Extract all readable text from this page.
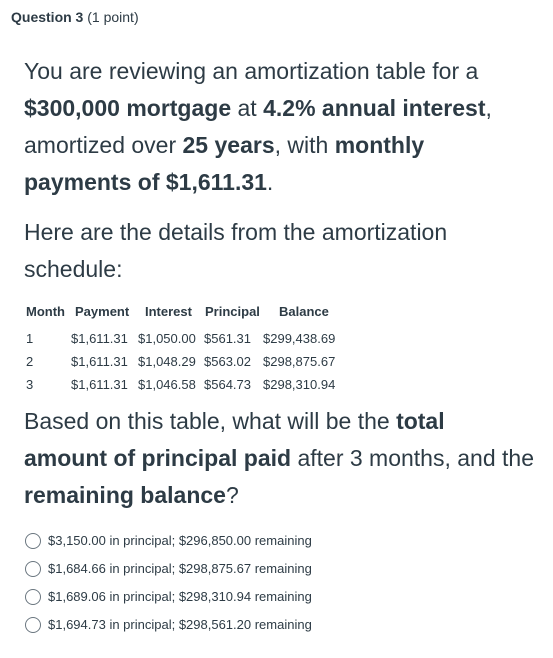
Question 3 (1 point)
You are reviewing an amortization table for a $300,000 mortgage at 4.2% annual interest, amortized over 25 years, with monthly payments of $1,611.31.
Here are the details from the amortization schedule:
Month Payment Interest Principal Balance
1	$1,611.31 $1,050.00 $561.31 $299,438.69
2	$1,611.31 $1,048.29 $563.02 $298,875.67
3	$1,611.31 $1,046.58 $564.73 $298,310.94
Based on this table, what will be the total amount of principal paid after 3 months, and the remaining balance?
$3,150.00 in principal; $296,850.00 remaining
$1,684.66 in principal; $298,875.67 remaining
$1,689.06 in principal; $298,310.94 remaining
$1,694.73 in principal; $298,561.20 remaining
